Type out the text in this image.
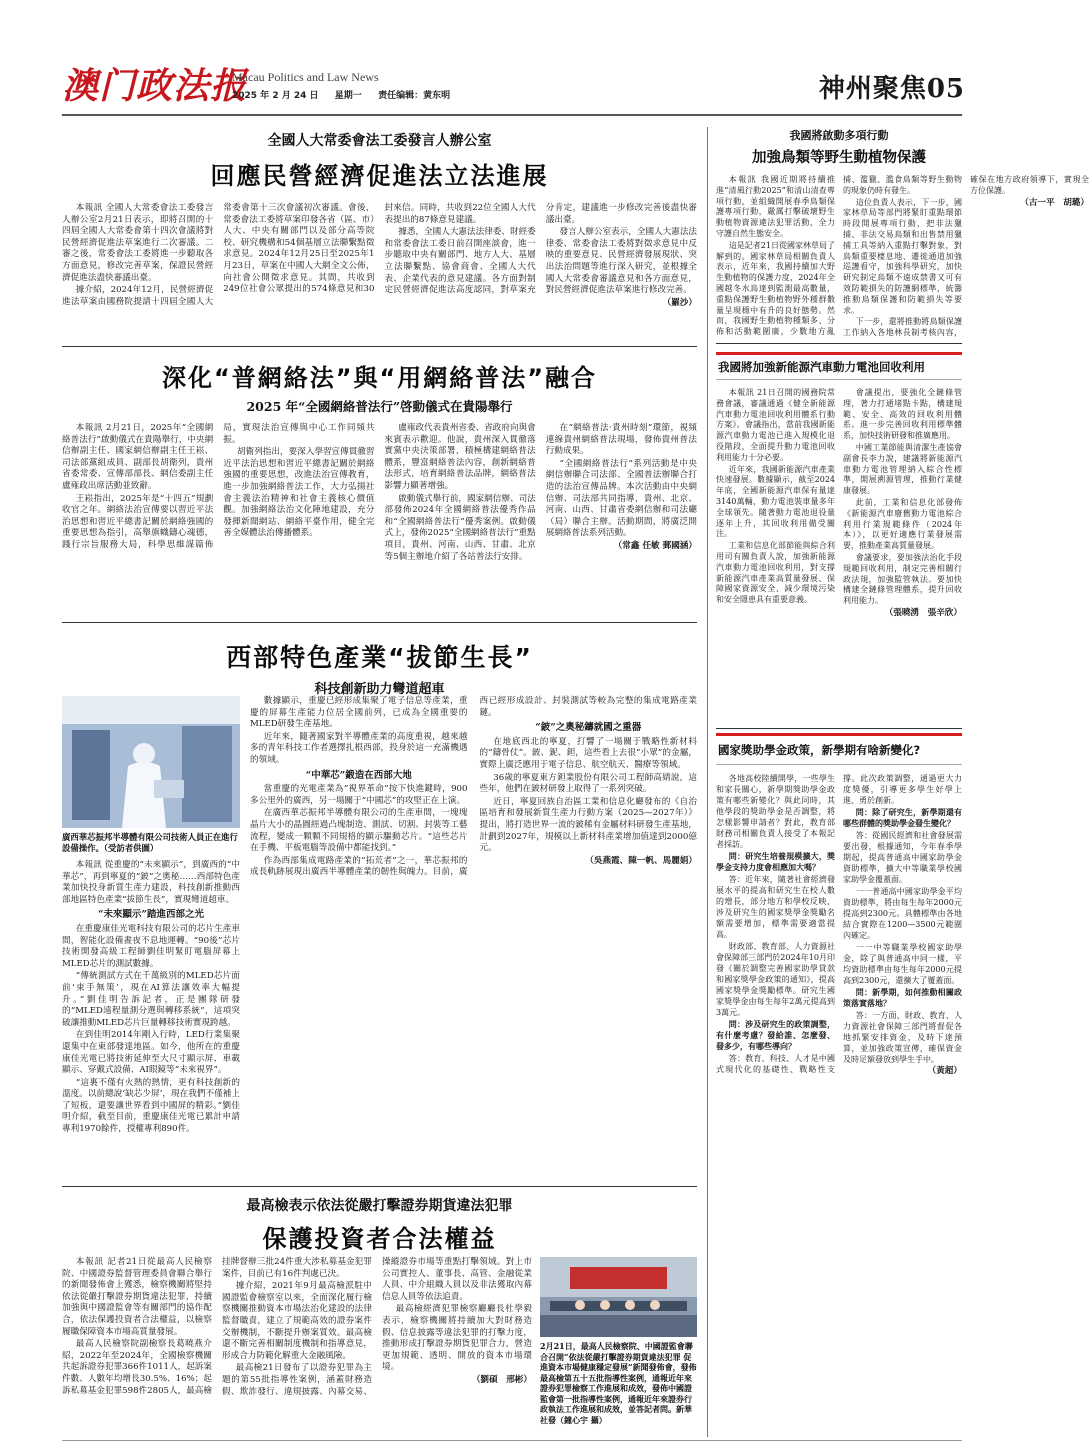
澳门政法报
Macau Politics and Law News
2025 年 2 月 24 日 星期一 责任编辑：黄东明	神州聚焦05
全國人大常委會法工委發言人辦公室
回應民營經濟促進法立法進展

本報訊 全國人大常委會法工委發言人辦公室2月21日表示，即將召開的十四屆全國人大常委會第十四次會議將對民營經濟促進法草案進行二次審議。二審之後，常委會法工委將進一步聽取各方面意見，修改完善草案，保證民營經濟促進法盡快審議出臺。

據介紹，2024年12月，民營經濟促進法草案由國務院提請十四屆全國人大常委會第十三次會議初次審議。會後，常委會法工委將草案印發各省（區、市）人大、中央有關部門以及部分高等院校、研究機構和54個基層立法聯繫點徵求意見。2024年12月25日至2025年1月23日，草案在中國人大網全文公佈，向社會公開徵求意見。其間，共收到249位社會公眾提出的574條意見和30封來信。同時，共收到22位全國人大代表提出的87條意見建議。

據悉，全國人大憲法法律委、財經委和常委會法工委日前召開座談會，進一步聽取中央有關部門、地方人大、基層立法聯繫點、協會商會、全國人大代表、企業代表的意見建議。各方面對制定民營經濟促進法高度認同，對草案充分肯定，建議進一步修改完善後盡快審議出臺。

發言人辦公室表示，全國人大憲法法律委、常委會法工委將對徵求意見中反映的重要意見、民營經濟發展現狀、突出法治問題等進行深入研究，並根據全國人大常委會審議意見和各方面意見，對民營經濟促進法草案進行修改完善。

（羅沙）
我國將啟動多項行動
加強鳥類等野生動植物保護

本報訊 我國近期將持續推進“清風行動2025”和清山清查專項行動，並組織開展春季鳥類保護專項行動，嚴厲打擊破壞野生動植物資源違法犯罪活動，全力守護自然生態安全。

這是記者21日從國家林草局了解到的。國家林草局相關負責人表示，近年來，我國持續加大野生動植物的保護力度，2024年全國越冬水鳥達到監測最高數量，重點保護野生動植物野外種群數量呈現穩中有升的良好態勢。然而，我國野生動植物種類多、分佈和活動範圍廣，少數地方亂捕、濫獵、濫食鳥類等野生動物的現象仍時有發生。

這位負責人表示，下一步，國家林草局等部門將緊盯重點環節時段開展專項行動，把非法獵捕、非法交易鳥類和出售禁用獵捕工具等納入重點打擊對象，對鳥類重要棲息地、遷徙通道加強巡護看守，加強科學研究，加快研究制定鳥類不遠成禁書又可有效防範損失的防護網標準，統籌推動鳥類保護和防範損失等要求。

下一步，還將推動將鳥類保護工作納入各地林長制考核內容，確保在地方政府領導下，實現全方位保護。

（古一平　胡璐）
深化“普網絡法”與“用網絡普法”融合
2025 年“全國網絡普法行”啓動儀式在貴陽舉行

本報訊 2月21日，2025年“全國網絡普法行”啟動儀式在貴陽舉行，中央網信辦副主任、國家網信辦副主任王崧、司法部黨組成員、副部長胡衛列，貴州省委常委、宣傳部部長、網信委副主任盧雍政出席活動並致辭。

王崧指出，2025年是“十四五”規劃收官之年。網絡法治宣傳要以習近平法治思想和習近平總書記關於網絡強國的重要思想為指引，高舉旗幟鑄心魂德，踐行宗旨服務大局，科學思維謀篇佈局，實現法治宣傳與中心工作同頻共振。

胡衛列指出，要深入學習宣傳貫徹習近平法治思想和習近平總書記關於網絡強國的重要思想，改進法治宣傳教育，進一步加強網絡普法工作，大力弘揚社會主義法治精神和社會主義核心價值觀。加強網絡法治文化陣地建設，充分發揮新聞網站、網絡平臺作用，健全完善全媒體法治傳播體系。

盧雍政代表貴州省委、省政府向與會來賓表示歡迎。他說，貴州深入貫徹落實黨中央決策部署，積極構建網絡普法體系，豐富網絡普法內容，創新網絡普法形式，培育網絡普法品牌，網絡普法影響力顯著增強。

啟動儀式舉行前，國家網信辦、司法部發佈2024年全國網絡普法優秀作品和“全國網絡普法行”優秀案例。啟動儀式上，發佈2025“全國網絡普法行”重點項目，貴州、河南、山西、甘肅、北京等5個主辦地介紹了各站普法行安排。

在“網絡普法·貴州時刻”環節，視頻連線貴州網絡普法現場，發佈貴州普法行動成果。

“全國網絡普法行”系列活動是中央網信辦聯合司法部、全國普法辦聯合打造的法治宣傳品牌。本次活動由中央網信辦、司法部共同指導，貴州、北京、河南、山西、甘肅省委網信辦和司法廳（局）聯合主辦。活動期間，將廣泛開展網絡普法系列活動。

（常鑫 任敏 郵國涵）
我國將加強新能源汽車動力電池回收利用

本報訊 21日召開的國務院常務會議，審議通過《健全新能源汽車動力電池回收利用體系行動方案》。會議指出，當前我國新能源汽車動力電池已進入規模化退役階段，全面提升動力電池回收利用能力十分必要。

近年來，我國新能源汽車產業快速發展。數據顯示，截至2024年底，全國新能源汽車保有量達3140萬輛，動力電池裝車量多年全球領先。隨著動力電池退役量逐年上升，其回收利用備受關注。

工業和信息化部節能與綜合利用司有關負責人說，加強新能源汽車動力電池回收利用，對支撐新能源汽車產業高質量發展、保障國家資源安全、減少環境污染和安全隱患具有重要意義。

會議提出，要強化全鏈條管理，著力打通堵點卡點，構建規範、安全、高效的回收利用體系。進一步完善回收利用標準體系，加快技術研發和推廣應用。

中國工業節能與清潔生產協會副會長李力說，建議將新能源汽車動力電池管理納入綜合性標準，開展溯源管理，推動行業健康發展。

此前，工業和信息化部發佈《新能源汽車廢舊動力電池綜合利用行業規範條件（2024年本）》，以更好適應行業發展需要，推動產業高質量發展。

會議要求，要加強法治化手段規範回收利用，制定完善相關行政法規，加強監管執法。要加快構建全鏈條管理體系，提升回收利用能力。

（張曉湧　張辛欣）
西部特色產業“拔節生長”
科技創新助力彎道超車
廣西華芯振邦半導體有限公司技術人員正在進行設備操作。（受訪者供圖）

本報訊 從重慶的“未來顯示”，到廣西的“中華芯”，再到寧夏的“鈹”之奧秘……西部特色產業加快投身新質生產力建設，科技創新推動西部地區特色產業“拔節生長”，實現彎道超車。

“未來顯示”踏進西部之光

在重慶康佳光電科技有限公司的芯片生產車間，智能化設備晝夜不息地運轉。“90後”芯片技術開發高級工程師劉佳明緊盯電腦屏幕上MLED芯片的測試數據。

“傳統測試方式在千萬級別的MLED芯片面前‘束手無策’，現在AI算法讓效率大幅提升。”劉佳明告訴記者，正是團隊研發的“MLED遠程量測分選與轉移系統”，這項突破讓推動MLED芯片巨量轉移技術實現跨越。

在到佳明2014年剛入行時，LED行業集聚還集中在東部發達地區。如今，他所在的重慶康佳光電已將技術延伸至大尺寸顯示屏、車載顯示、穿戴式設備、AI眼鏡等“未來視界”。

“這裏不僅有火熱的熱情，更有科技創新的溫度。以前總說‘缺芯少屏’，現在我們不僅補上了短板，還要讓世界看到中國屏的精彩。”劉佳明介紹，截至目前，重慶康佳光電已累計申請專利1970餘件，授權專利890件。

數據顯示，重慶已經形成集聚了電子信息等產業，重慶的屏幕生產能力位居全國前列，已成為全國重要的MLED研發生產基地。

近年來，隨著國家對半導體產業的高度重視，越來越多的青年科技工作者選擇扎根西部，投身於這一充滿機遇的領域。

“中華芯”鍛造在西部大地

當重慶的光電產業為“視界革命”按下快進鍵時，900多公里外的廣西，另一場關于“中國芯”的攻堅正在上演。

在廣西華芯振邦半導體有限公司的生產車間，一塊塊晶片大小的晶圓經過凸塊制造、測試、切割、封裝等工藝流程，變成一顆顆不同規格的顯示驅動芯片。“這些芯片在手機、平板電腦等設備中都能找到。”

作為西部集成電路產業的“拓荒者”之一，華芯振邦的成長軌跡展現出廣西半導體產業的韌性與魄力。目前，廣西已經形成設計、封裝測試等較為完整的集成電路產業鏈。

“鈹”之奧秘鑄就國之重器

在地底西北的寧夏，打響了一場關于戰略性新材料的“鑄骨仗”。鈹、鈮、鉭，這些看上去很“小眾”的金屬，實際上廣泛應用于電子信息、航空航天、醫療等領域。

36歲的寧夏東方鉭業股份有限公司工程師高婧說，這些年，他們在鈹材研發上取得了一系列突破。

近日，寧夏回族自治區工業和信息化廳發布的《自治區培育和發展新質生產力行動方案（2025—2027年）》提出，將打造世界一流的鈹稀有金屬材料研發生產基地，計劃到2027年，規模以上新材料產業增加值達到2000億元。

（吳燕霞、陳一帆、馬麗娟）
國家獎助學金政策，新學期有啥新變化?

各地高校陸續開學，一些學生和家長關心，新學期獎助學金政策有哪些新變化？與此同時，其他學段的獎助學金是否調整，將怎樣影響申請者？對此，教育部財務司相關負責人接受了本報記者採訪。

問：研究生培養規模擴大，獎學金支持力度會相應加大嗎？

答：近年來，隨著社會經濟發展水平的提高和研究生在校人數的增長，部分地方和學校反映，涉及研究生的國家獎學金獎勵名額需要增加，標準需要適當提高。

財政部、教育部、人力資源社會保障部三部門於2024年10月印發《關於調整完善國家助學貸款和國家獎學金政策的通知》，提高國家獎學金獎勵標準。研究生國家獎學金由每生每年2萬元提高到3萬元。

問：涉及研究生的政策調整，有什麼考慮？發給誰、怎麼發、發多少，有哪些導向？

答：教育、科技、人才是中國式現代化的基礎性、戰略性支撐。此次政策調整，通過更大力度獎優，引導更多學生好學上進、勇於創新。

問：除了研究生，新學期還有哪些群體的獎助學金發生變化？

答：從國民經濟和社會發展需要出發，根據通知，今年春季學期起，提高普通高中國家助學金資助標準，擴大中等職業學校國家助學金覆蓋面。

一一普通高中國家助學金平均資助標準，將由每生每年2000元提高到2300元。具體標準由各地結合實際在1200—3500元範圍內確定。

一一中等職業學校國家助學金，除了與普通高中同一樣，平均資助標準由每生每年2000元提高到2300元，還擴大了覆蓋面。

問：新學期，如何推動相關政策落實落地？

答：一方面，財政、教育、人力資源社會保障三部門將督促各地抓緊安排資金，及時下達預算，並加強政策宣傳，確保資金及時足額發放到學生手中。

（黃超）
最高檢表示依法從嚴打擊證券期貨違法犯罪
保護投資者合法權益

本報訊 記者21日從最高人民檢察院、中國證券監督管理委員會聯合舉行的新聞發佈會上獲悉，檢察機關將堅持依法從嚴打擊證券期貨違法犯罪，持續加強與中國證監會等有關部門的協作配合，依法保護投資者合法權益，以檢察履職保障資本市場高質量發展。

最高人民檢察院副檢察長葛曉燕介紹，2022年至2024年，全國檢察機關共起訴證券犯罪366件1011人，起訴案件數、人數年均增長30.5%、16%；起訴私募基金犯罪598件2805人，最高檢挂牌督辦三批24件重大涉私募基金犯罪案件，目前已有16件判處已決。

據介紹，2021年9月最高檢派駐中國證監會檢察室以來，全面深化履行檢察機關推動資本市場法治化建設的法律監督職責，建立了規範高效的證券案件交辦機制，不斷提升辦案質效。最高檢還不斷完善相關制度機制和指導意見，形成合力防範化解重大金融風險。

最高檢21日發布了以證券犯罪為主題的第55批指導性案例，涵蓋財務造假、欺詐發行、違規披露、內幕交易、操縱證券市場等重點打擊領域。對上市公司實控人、董事長、高管、金融從業人員、中介組織人員以及非法獲取內幕信息人員等依法追責。

最高檢經濟犯罪檢察廳廳長杜學毅表示，檢察機關將持續加大對財務造假、信息披露等違法犯罪的打擊力度，推動形成打擊證券期貨犯罪合力，營造更加規範、透明、開放的資本市場環境。

（劉碩　邢彬）
2月21日，最高人民檢察院、中國證監會聯合召開“依法從嚴打擊證券期貨違法犯罪 促進資本市場健康穩定發展”新聞發佈會，發佈最高檢第五十五批指導性案例，通報近年來證券犯罪檢察工作進展和成效，發佈中國證監會第一批指導性案例，通報近年來證券行政執法工作進展和成效，並答記者問。新華社發（鐘心宇 攝）
